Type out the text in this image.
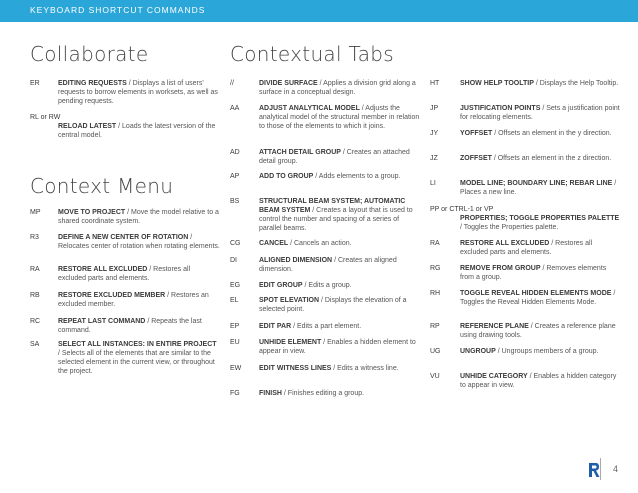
KEYBOARD SHORTCUT COMMANDS
Collaborate
Context Menu
Contextual Tabs
ER	EDITING REQUESTS / Displays a list of users' requests to borrow elements in worksets, as well as pending requests.
RL or RW
RELOAD LATEST / Loads the latest version of the central model.
MP	MOVE TO PROJECT / Move the model relative to a shared coordinate system.
R3	DEFINE A NEW CENTER OF ROTATION / Relocates center of rotation when rotating elements.
RA	RESTORE ALL EXCLUDED / Restores all excluded parts and elements.
RB	RESTORE EXCLUDED MEMBER / Restores an excluded member.
RC	REPEAT LAST COMMAND / Repeats the last command.
SA	SELECT ALL INSTANCES: IN ENTIRE PROJECT / Selects all of the elements that are similar to the selected element in the current view, or throughout the project.
//	DIVIDE SURFACE / Applies a division grid along a surface in a conceptual design.
AA	ADJUST ANALYTICAL MODEL / Adjusts the analytical model of the structural member in relation to those of the elements to which it joins.
AD	ATTACH DETAIL GROUP / Creates an attached detail group.
AP	ADD TO GROUP / Adds elements to a group.
BS	STRUCTURAL BEAM SYSTEM; AUTOMATIC BEAM SYSTEM / Creates a layout that is used to control the number and spacing of a series of parallel beams.
CG	CANCEL / Cancels an action.
DI	ALIGNED DIMENSION / Creates an aligned dimension.
EG	EDIT GROUP / Edits a group.
EL	SPOT ELEVATION / Displays the elevation of a selected point.
EP	EDIT PAR / Edits a part element.
EU	UNHIDE ELEMENT / Enables a hidden element to appear in view.
EW	EDIT WITNESS LINES / Edits a witness line.
FG	FINISH / Finishes editing a group.
HT	SHOW HELP TOOLTIP / Displays the Help Tooltip.
JP	JUSTIFICATION POINTS / Sets a justification point for relocating elements.
JY	YOFFSET / Offsets an element in the y direction.
JZ	ZOFFSET / Offsets an element in the z direction.
LI	MODEL LINE; BOUNDARY LINE; REBAR LINE / Places a new line.
PP or CTRL-1 or VP
PROPERTIES; TOGGLE PROPERTIES PALETTE / Toggles the Properties palette.
RA	RESTORE ALL EXCLUDED / Restores all excluded parts and elements.
RG	REMOVE FROM GROUP / Removes elements from a group.
RH	TOGGLE REVEAL HIDDEN ELEMENTS MODE / Toggles the Reveal Hidden Elements Mode.
RP	REFERENCE PLANE / Creates a reference plane using drawing tools.
UG	UNGROUP / Ungroups members of a group.
VU	UNHIDE CATEGORY / Enables a hidden category to appear in view.
4
